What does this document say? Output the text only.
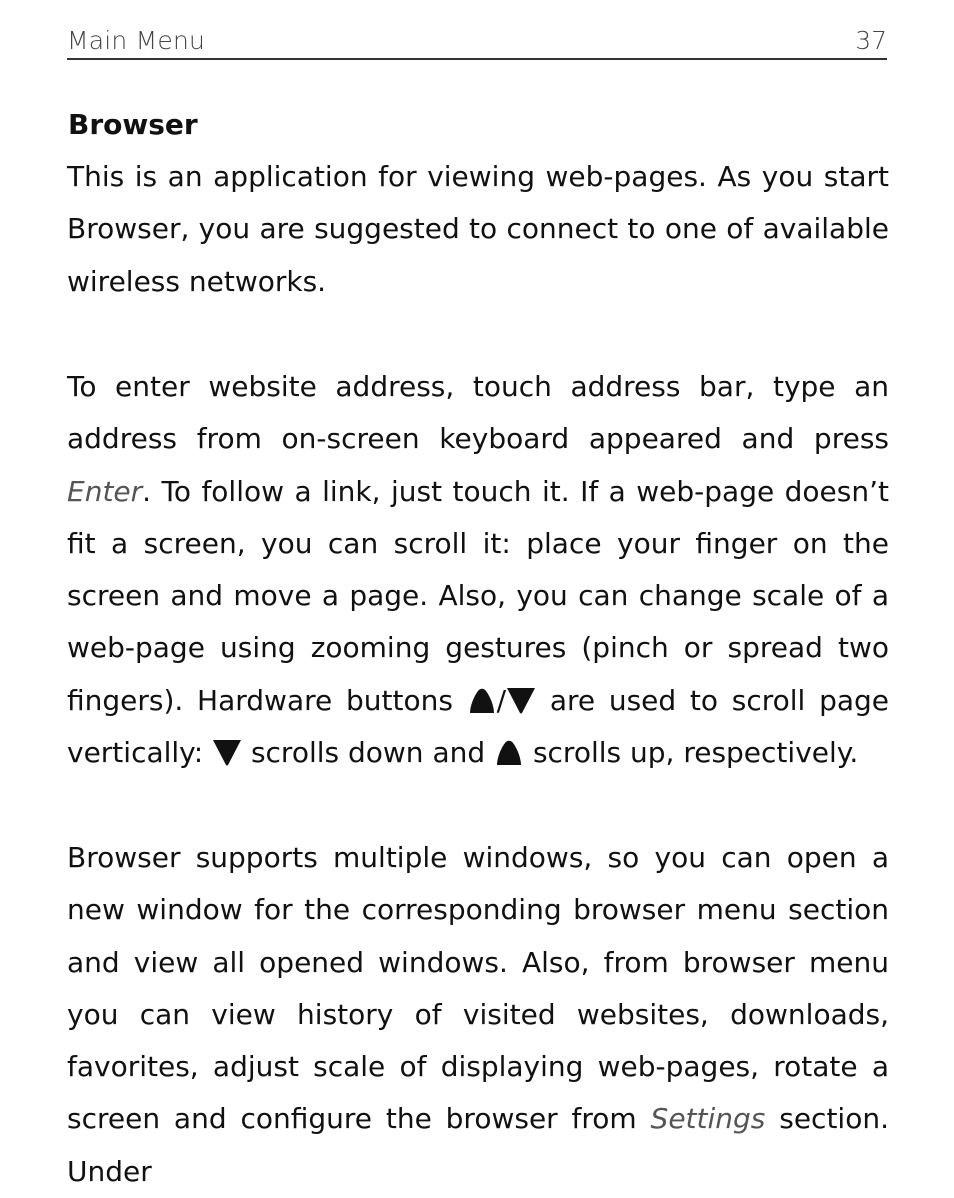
Main Menu	37
Browser
This is an application for viewing web-pages. As you start Browser, you are suggested to connect to one of available wireless networks.
To enter website address, touch address bar, type an address from on-screen keyboard appeared and press Enter. To follow a link, just touch it. If a web-page doesn’t fit a screen, you can scroll it: place your finger on the screen and move a page. Also, you can change scale of a web-page using zooming gestures (pinch or spread two fingers). Hardware buttons
/
are used to scroll page vertically:
scrolls down and
scrolls up, respectively.
Browser supports multiple windows, so you can open a new window for the corresponding browser menu section and view all opened windows. Also, from browser menu you can view history of visited websites, downloads, favorites, adjust scale of displaying web-pages, rotate a screen and configure the browser from Settings section. Under
